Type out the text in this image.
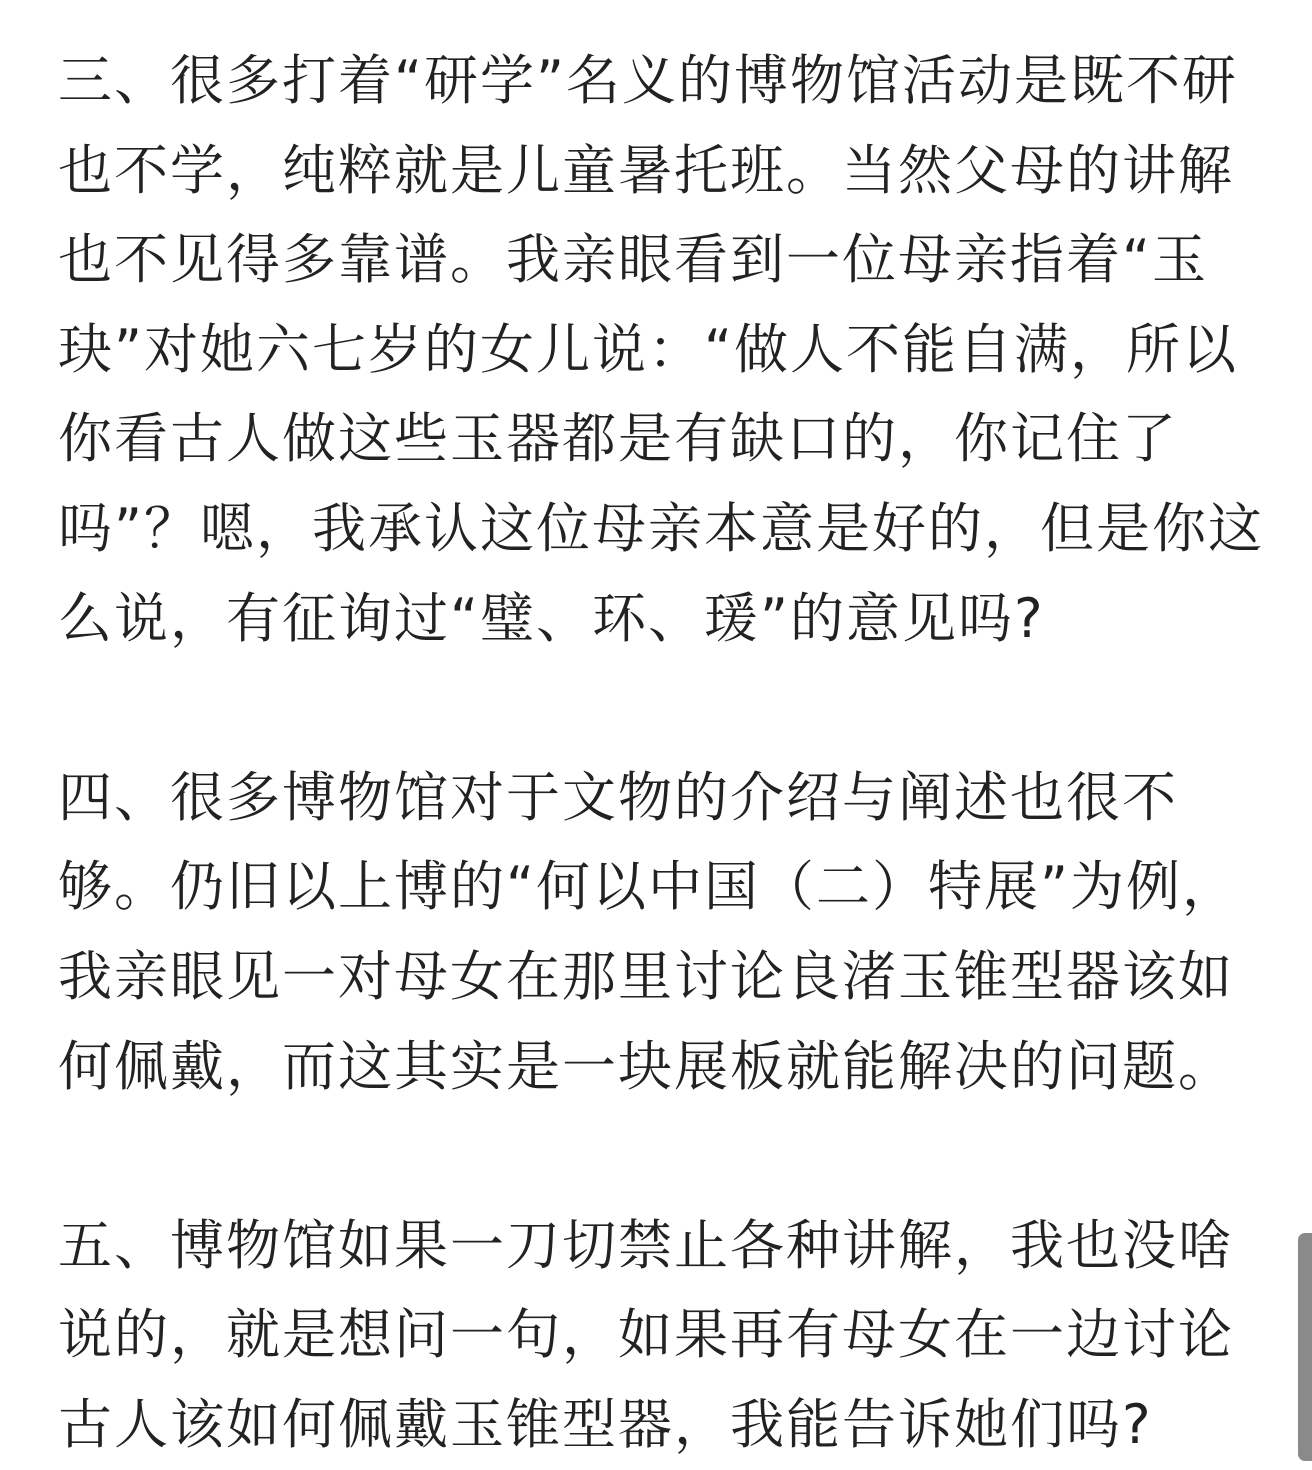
三、很多打着“研学”名义的博物馆活动是既不研
也不学，纯粹就是儿童暑托班。当然父母的讲解
也不见得多靠谱。我亲眼看到一位母亲指着“玉
玦”对她六七岁的女儿说：“做人不能自满，所以
你看古人做这些玉器都是有缺口的，你记住了
吗”？嗯，我承认这位母亲本意是好的，但是你这
么说，有征询过“璧、环、瑗”的意见吗?

四、很多博物馆对于文物的介绍与阐述也很不
够。仍旧以上博的“何以中国（二）特展”为例，
我亲眼见一对母女在那里讨论良渚玉锥型器该如
何佩戴，而这其实是一块展板就能解决的问题。

五、博物馆如果一刀切禁止各种讲解，我也没啥
说的，就是想问一句，如果再有母女在一边讨论
古人该如何佩戴玉锥型器，我能告诉她们吗?
